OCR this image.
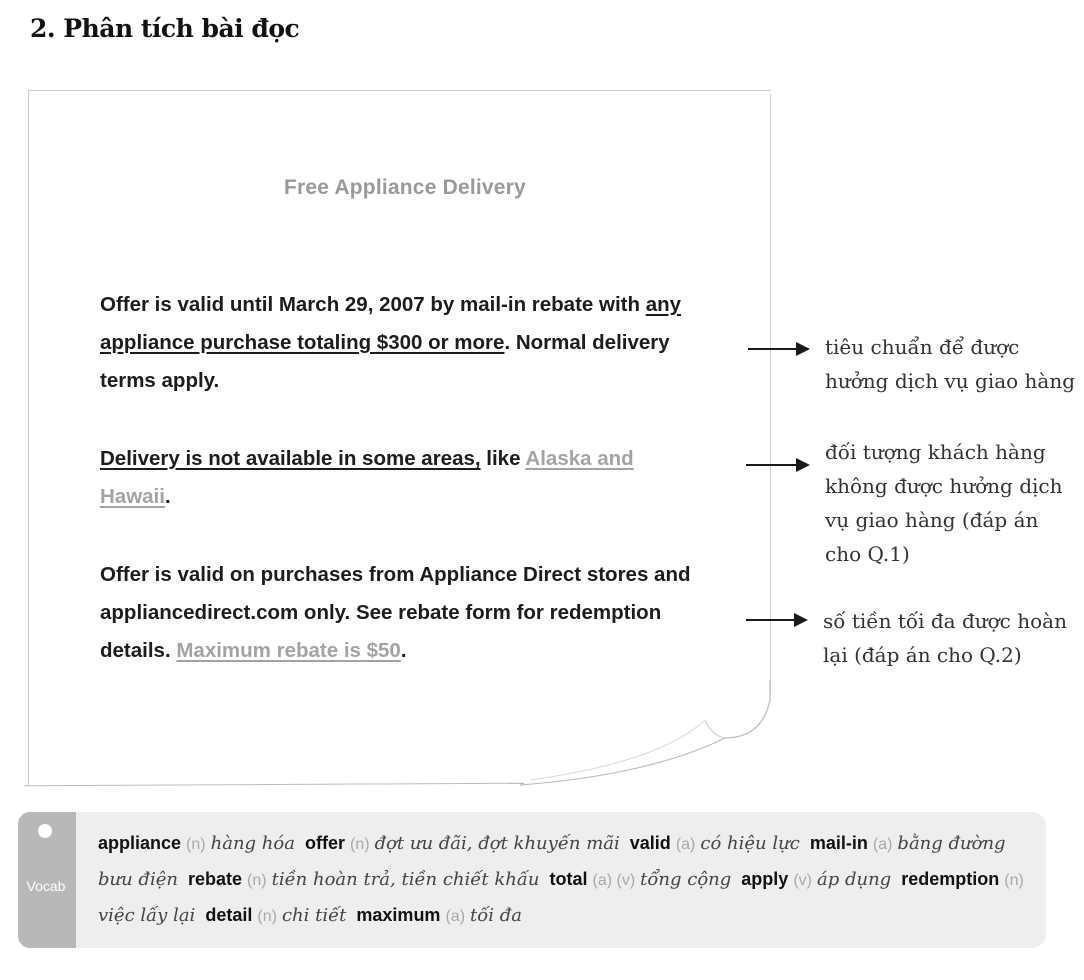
2. Phân tích bài đọc
Free Appliance Delivery
Offer is valid until March 29, 2007 by mail-in rebate with any appliance purchase totaling $300 or more. Normal delivery terms apply.
Delivery is not available in some areas, like Alaska and Hawaii.
Offer is valid on purchases from Appliance Direct stores and appliancedirect.com only. See rebate form for redemption details. Maximum rebate is $50.
tiêu chuẩn để được hưởng dịch vụ giao hàng
đối tượng khách hàng không được hưởng dịch vụ giao hàng (đáp án cho Q.1)
số tiền tối đa được hoàn lại (đáp án cho Q.2)
Vocab
appliance (n) hàng hóa offer (n) đợt ưu đãi, đợt khuyến mãi valid (a) có hiệu lực mail-in (a) bằng đường bưu điện rebate (n) tiền hoàn trả, tiền chiết khấu total (a) (v) tổng cộng apply (v) áp dụng redemption (n) việc lấy lại detail (n) chi tiết maximum (a) tối đa
